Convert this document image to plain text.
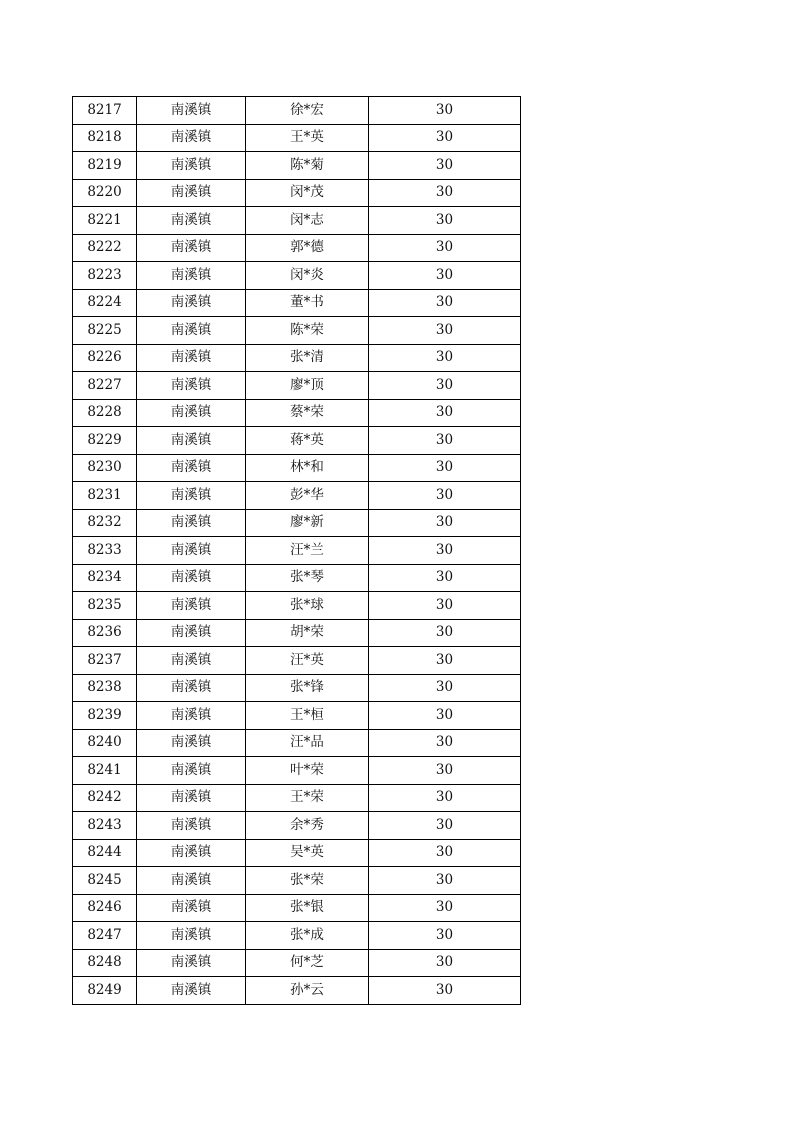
8217	南溪镇	徐*宏	30
8218	南溪镇	王*英	30
8219	南溪镇	陈*菊	30
8220	南溪镇	闵*茂	30
8221	南溪镇	闵*志	30
8222	南溪镇	郭*德	30
8223	南溪镇	闵*炎	30
8224	南溪镇	董*书	30
8225	南溪镇	陈*荣	30
8226	南溪镇	张*清	30
8227	南溪镇	廖*顶	30
8228	南溪镇	蔡*荣	30
8229	南溪镇	蒋*英	30
8230	南溪镇	林*和	30
8231	南溪镇	彭*华	30
8232	南溪镇	廖*新	30
8233	南溪镇	汪*兰	30
8234	南溪镇	张*琴	30
8235	南溪镇	张*球	30
8236	南溪镇	胡*荣	30
8237	南溪镇	汪*英	30
8238	南溪镇	张*锋	30
8239	南溪镇	王*桓	30
8240	南溪镇	汪*品	30
8241	南溪镇	叶*荣	30
8242	南溪镇	王*荣	30
8243	南溪镇	余*秀	30
8244	南溪镇	吴*英	30
8245	南溪镇	张*荣	30
8246	南溪镇	张*银	30
8247	南溪镇	张*成	30
8248	南溪镇	何*芝	30
8249	南溪镇	孙*云	30
